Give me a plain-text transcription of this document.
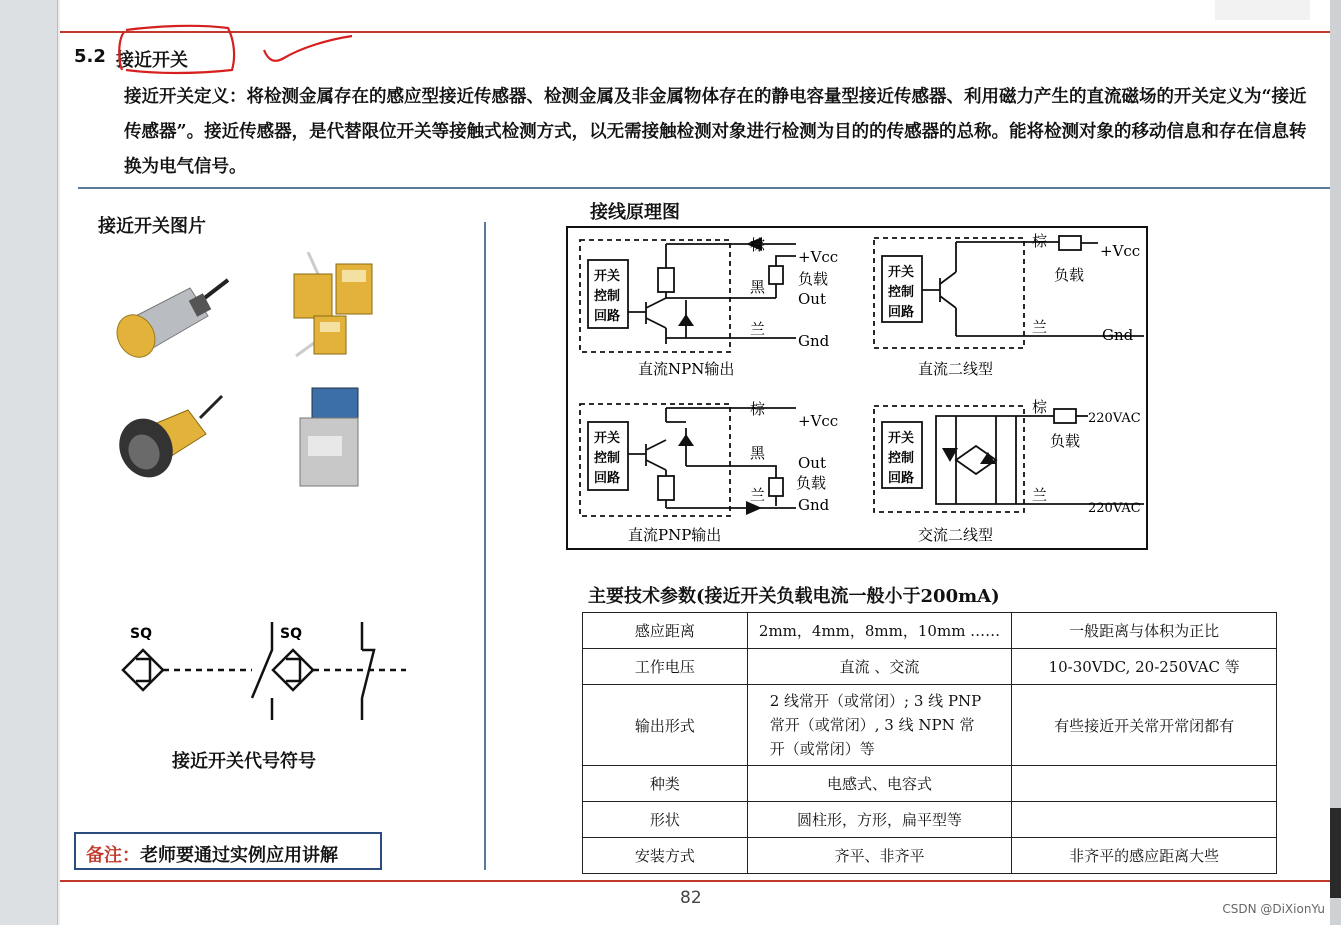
5.2 接近开关
接近开关定义：将检测金属存在的感应型接近传感器、检测金属及非金属物体存在的静电容量型接近传感器、利用磁力产生的直流磁场的开关定义为“接近传感器”。接近传感器，是代替限位开关等接触式检测方式，以无需接触检测对象进行检测为目的的传感器的总称。能将检测对象的移动信息和存在信息转换为电气信号。
接近开关图片
SQ	SQ
接近开关代号符号
备注：老师要通过实例应用讲解
接线原理图
开关
控制
回路
开关
控制
回路
开关
控制
回路
开关
控制
回路
棕
+Vcc
黑 负载
Out
兰
Gnd
直流NPN输出
棕
+Vcc
负载
兰	Gnd
直流二线型
棕
+Vcc
黑
Out
负载
兰
Gnd
直流PNP输出
棕
220VAC
负载
兰
220VAC
交流二线型
主要技术参数(接近开关负载电流一般小于200mA)
感应距离	2mm，4mm，8mm，10mm ……	一般距离与体积为正比
工作电压	直流 、交流	10-30VDC, 20-250VAC 等
输出形式	2 线常开（或常闭）; 3 线 PNP
常开（或常闭）, 3 线 NPN 常
开（或常闭）等	有些接近开关常开常闭都有
种类	电感式、电容式	
形状	圆柱形，方形，扁平型等	
安装方式	齐平、非齐平	非齐平的感应距离大些
82
CSDN @DiXionYu
